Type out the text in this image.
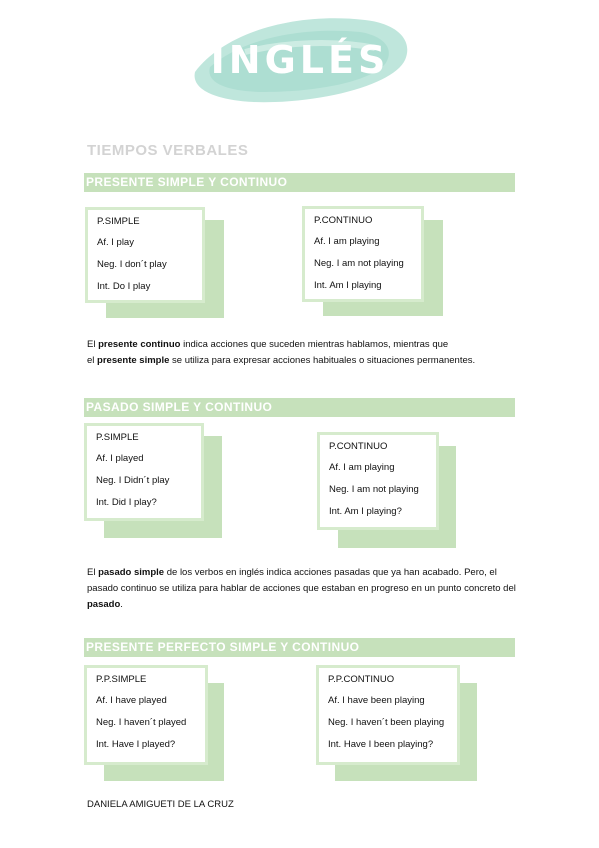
INGLÉS
TIEMPOS VERBALES
PRESENTE SIMPLE Y CONTINUO
P.SIMPLE
Af. I play
Neg. I don´t play
Int. Do I play
P.CONTINUO
Af. I am playing
Neg. I am not playing
Int. Am I playing
El presente continuo indica acciones que suceden mientras hablamos, mientras que
el presente simple se utiliza para expresar acciones habituales o situaciones permanentes.
PASADO SIMPLE Y CONTINUO
P.SIMPLE
Af. I played
Neg. I Didn´t play
Int. Did I play?
P.CONTINUO
Af. I am playing
Neg. I am not playing
Int. Am I playing?
El pasado simple de los verbos en inglés indica acciones pasadas que ya han acabado. Pero, el pasado continuo se utiliza para hablar de acciones que estaban en progreso en un punto concreto del pasado.
PRESENTE PERFECTO SIMPLE Y CONTINUO
P.P.SIMPLE
Af. I have played
Neg. I haven´t played
Int. Have I played?
P.P.CONTINUO
Af. I have been playing
Neg. I haven´t been playing
Int. Have I been playing?
DANIELA AMIGUETI DE LA CRUZ
